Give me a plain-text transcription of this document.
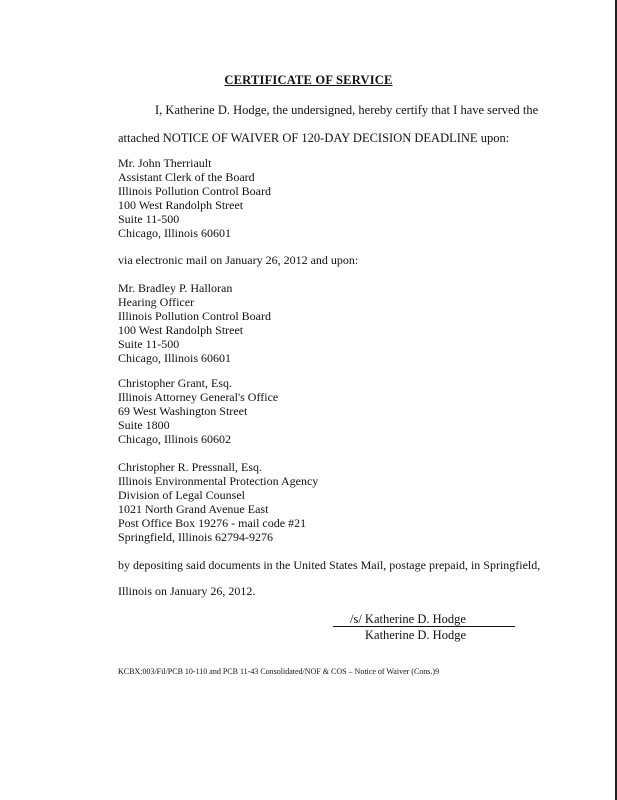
CERTIFICATE OF SERVICE
I, Katherine D. Hodge, the undersigned, hereby certify that I have served the
attached NOTICE OF WAIVER OF 120-DAY DECISION DEADLINE upon:
Mr. John Therriault
Assistant Clerk of the Board
Illinois Pollution Control Board
100 West Randolph Street
Suite 11-500
Chicago, Illinois 60601
via electronic mail on January 26, 2012 and upon:
Mr. Bradley P. Halloran
Hearing Officer
Illinois Pollution Control Board
100 West Randolph Street
Suite 11-500
Chicago, Illinois 60601
Christopher Grant, Esq.
Illinois Attorney General's Office
69 West Washington Street
Suite 1800
Chicago, Illinois 60602
Christopher R. Pressnall, Esq.
Illinois Environmental Protection Agency
Division of Legal Counsel
1021 North Grand Avenue East
Post Office Box 19276 - mail code #21
Springfield, Illinois 62794-9276
by depositing said documents in the United States Mail, postage prepaid, in Springfield,
Illinois on January 26, 2012.
/s/ Katherine D. Hodge
Katherine D. Hodge
KCBX:003/Fil/PCB 10-110 and PCB 11-43 Consolidated/NOF & COS – Notice of Waiver (Cons.)9
